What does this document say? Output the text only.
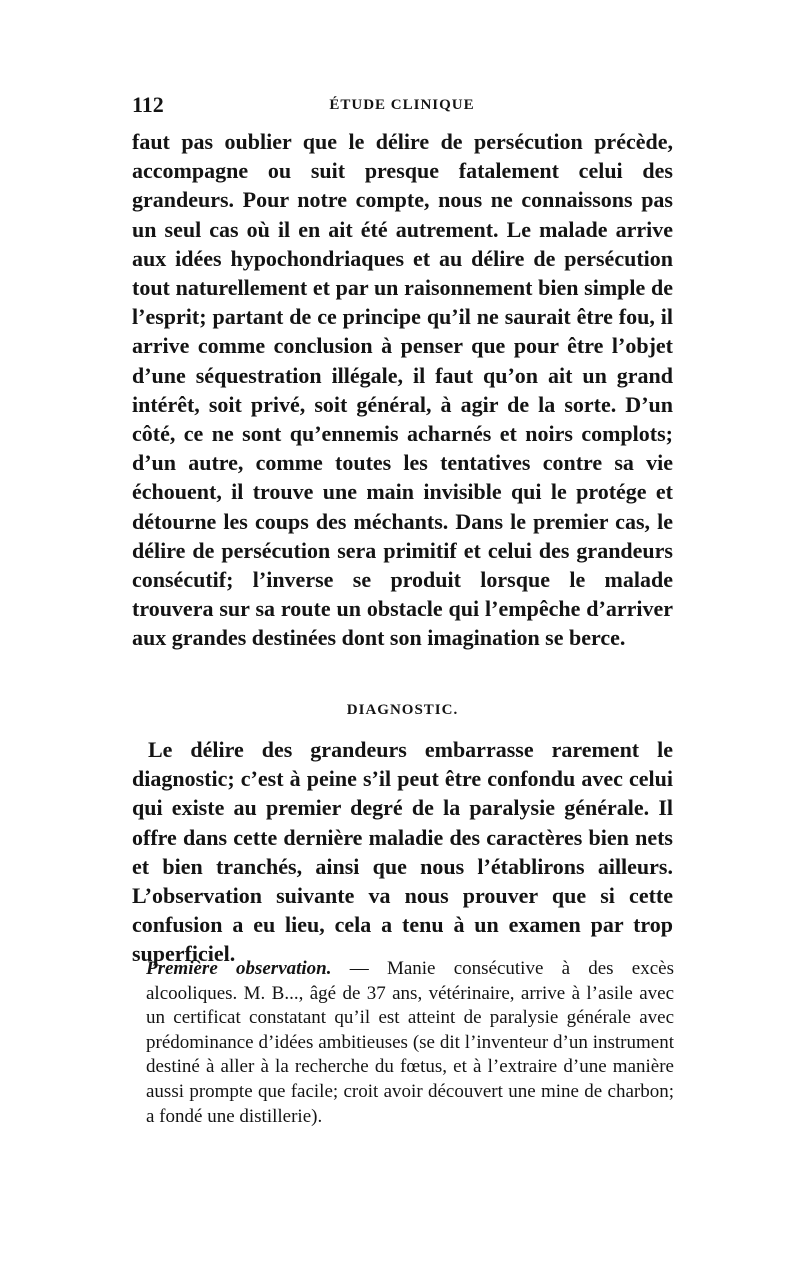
112	ÉTUDE CLINIQUE

faut pas oublier que le délire de persécution précède, accompagne ou suit presque fatalement celui des grandeurs. Pour notre compte, nous ne connaissons pas un seul cas où il en ait été autrement. Le malade arrive aux idées hypochondriaques et au délire de persécution tout naturellement et par un raisonnement bien simple de l’esprit; partant de ce principe qu’il ne saurait être fou, il arrive comme conclusion à penser que pour être l’objet d’une séquestration illégale, il faut qu’on ait un grand intérêt, soit privé, soit général, à agir de la sorte. D’un côté, ce ne sont qu’ennemis acharnés et noirs complots; d’un autre, comme toutes les tentatives contre sa vie échouent, il trouve une main invisible qui le protége et détourne les coups des méchants. Dans le premier cas, le délire de persécution sera primitif et celui des grandeurs consécutif; l’inverse se produit lorsque le malade trouvera sur sa route un obstacle qui l’empêche d’arriver aux grandes destinées dont son imagination se berce.

DIAGNOSTIC.

Le délire des grandeurs embarrasse rarement le diagnostic; c’est à peine s’il peut être confondu avec celui qui existe au premier degré de la paralysie générale. Il offre dans cette dernière maladie des caractères bien nets et bien tranchés, ainsi que nous l’établirons ailleurs. L’observation suivante va nous prouver que si cette confusion a eu lieu, cela a tenu à un examen par trop superficiel.

Première observation. — Manie consécutive à des excès alcooliques. M. B..., âgé de 37 ans, vétérinaire, arrive à l’asile avec un certificat constatant qu’il est atteint de paralysie générale avec prédominance d’idées ambitieuses (se dit l’inventeur d’un instrument destiné à aller à la recherche du fœtus, et à l’extraire d’une manière aussi prompte que facile; croit avoir découvert une mine de charbon; a fondé une distillerie).
